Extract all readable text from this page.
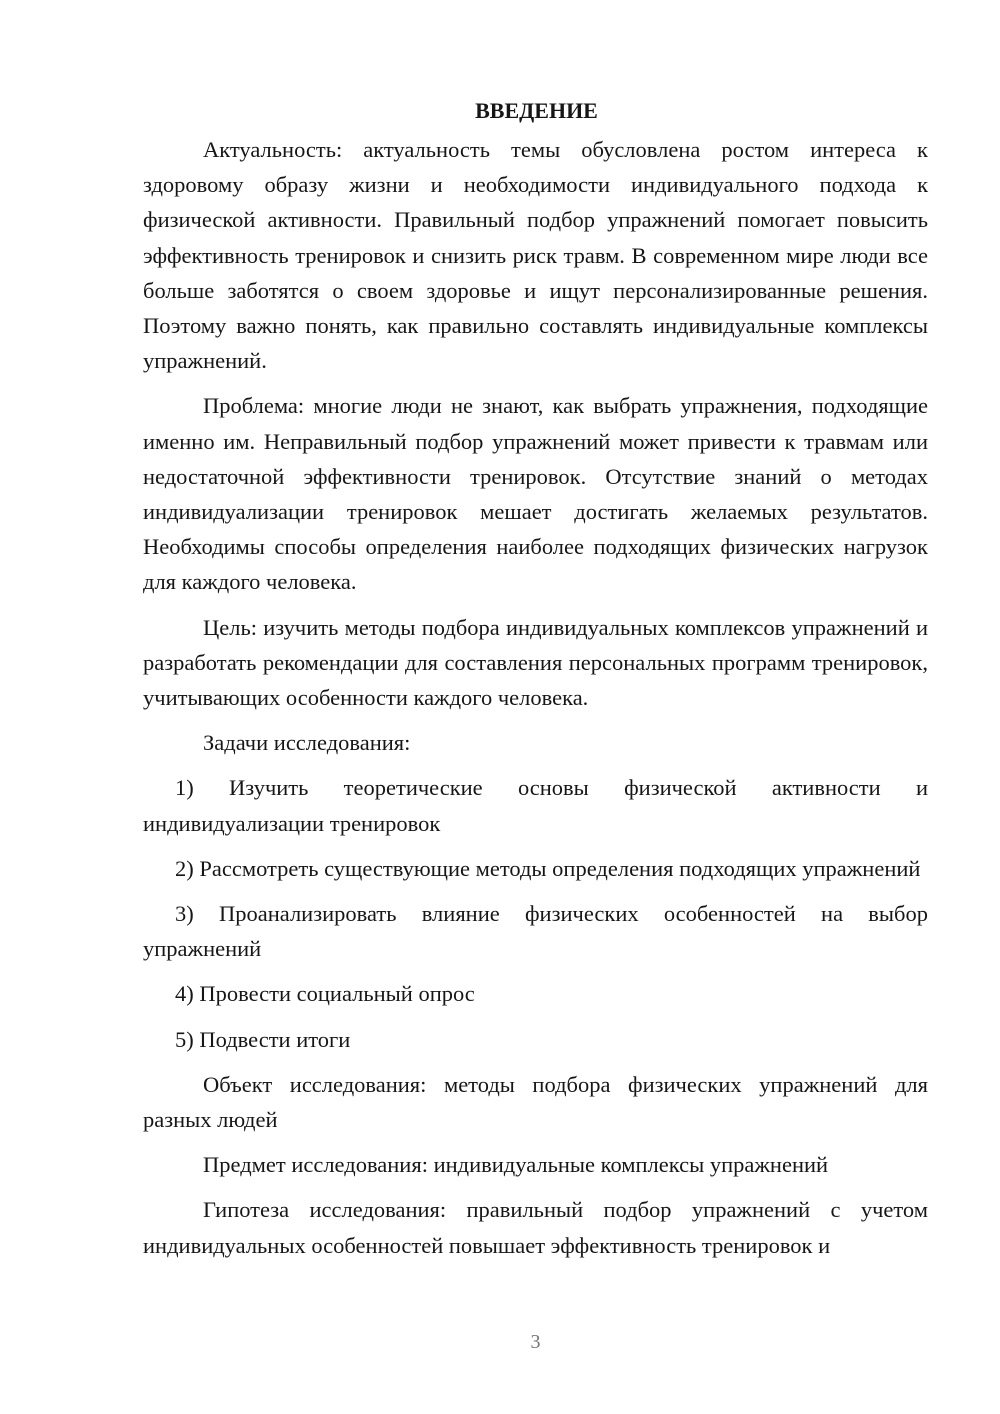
ВВЕДЕНИЕ

Актуальность: актуальность темы обусловлена ростом интереса к здоровому образу жизни и необходимости индивидуального подхода к физической активности. Правильный подбор упражнений помогает повысить эффективность тренировок и снизить риск травм. В современном мире люди все больше заботятся о своем здоровье и ищут персонализированные решения. Поэтому важно понять, как правильно составлять индивидуальные комплексы упражнений.

Проблема: многие люди не знают, как выбрать упражнения, подходящие именно им. Неправильный подбор упражнений может привести к травмам или недостаточной эффективности тренировок. Отсутствие знаний о методах индивидуализации тренировок мешает достигать желаемых результатов. Необходимы способы определения наиболее подходящих физических нагрузок для каждого человека.

Цель: изучить методы подбора индивидуальных комплексов упражнений и разработать рекомендации для составления персональных программ тренировок, учитывающих особенности каждого человека.

Задачи исследования:

1) Изучить теоретические основы физической активности и индивидуализации тренировок

2) Рассмотреть существующие методы определения подходящих упражнений

3) Проанализировать влияние физических особенностей на выбор упражнений

4) Провести социальный опрос

5) Подвести итоги

Объект исследования: методы подбора физических упражнений для разных людей

Предмет исследования: индивидуальные комплексы упражнений

Гипотеза исследования: правильный подбор упражнений с учетом индивидуальных особенностей повышает эффективность тренировок и

3
